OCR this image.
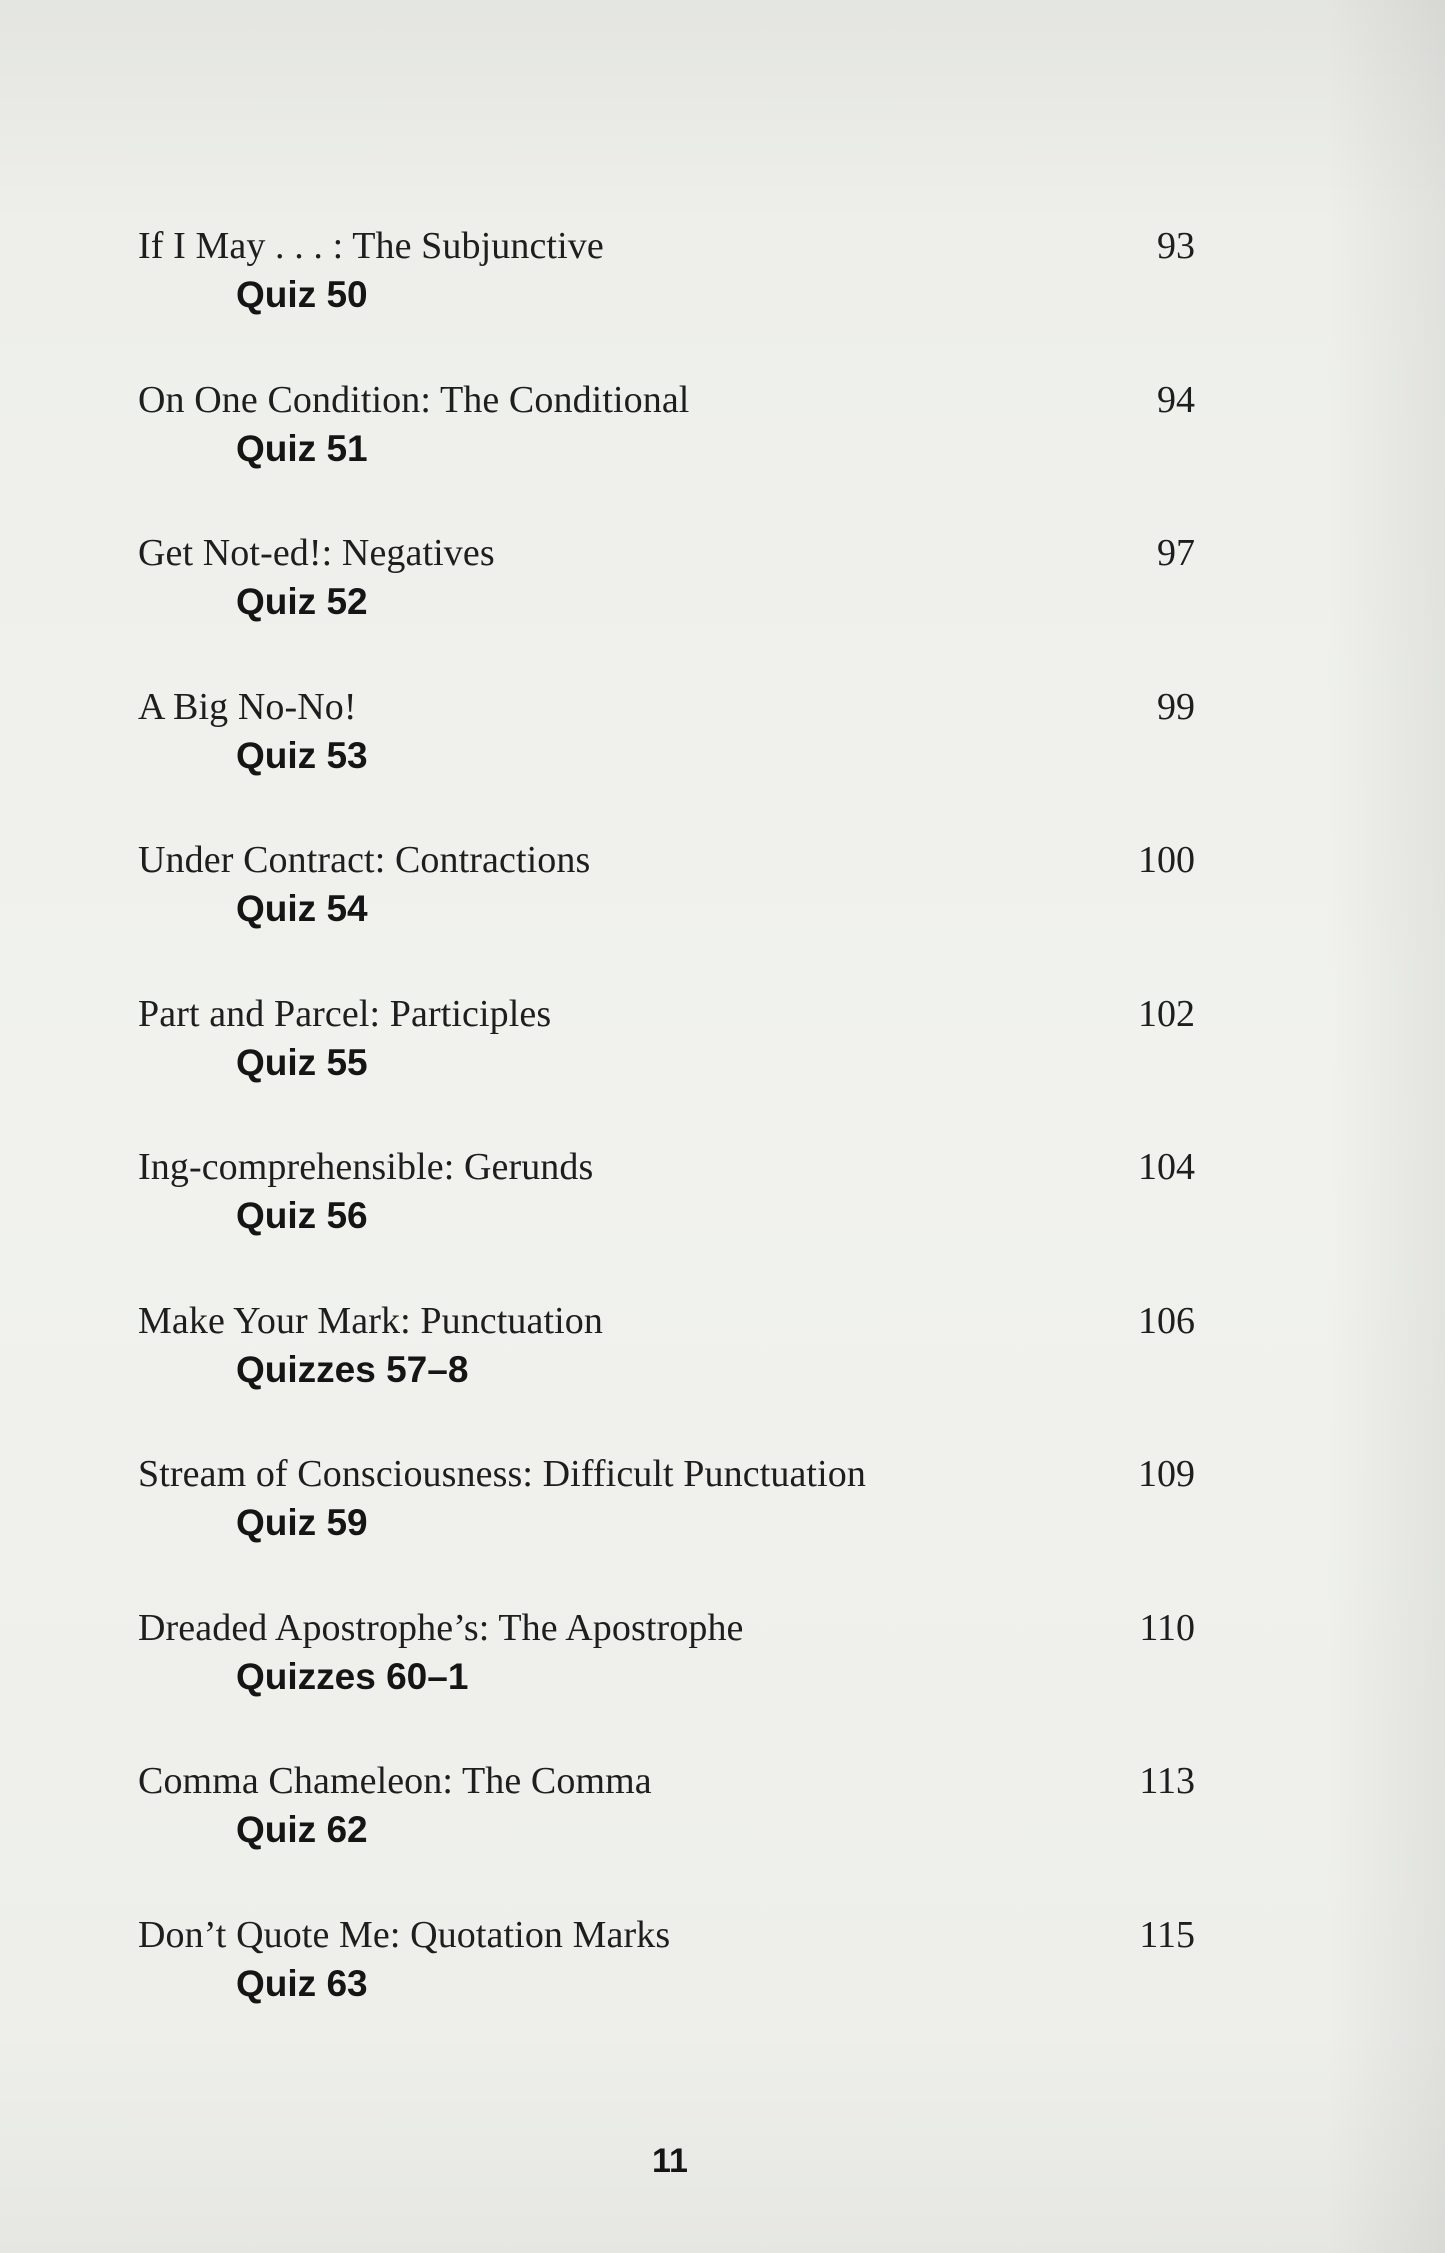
If I May . . . : The Subjunctive	93
Quiz 50
On One Condition: The Conditional	94
Quiz 51
Get Not-ed!: Negatives	97
Quiz 52
A Big No-No!	99
Quiz 53
Under Contract: Contractions	100
Quiz 54
Part and Parcel: Participles	102
Quiz 55
Ing-comprehensible: Gerunds	104
Quiz 56
Make Your Mark: Punctuation	106
Quizzes 57–8
Stream of Consciousness: Difficult Punctuation	109
Quiz 59
Dreaded Apostrophe’s: The Apostrophe	110
Quizzes 60–1
Comma Chameleon: The Comma	113
Quiz 62
Don’t Quote Me: Quotation Marks	115
Quiz 63
11
